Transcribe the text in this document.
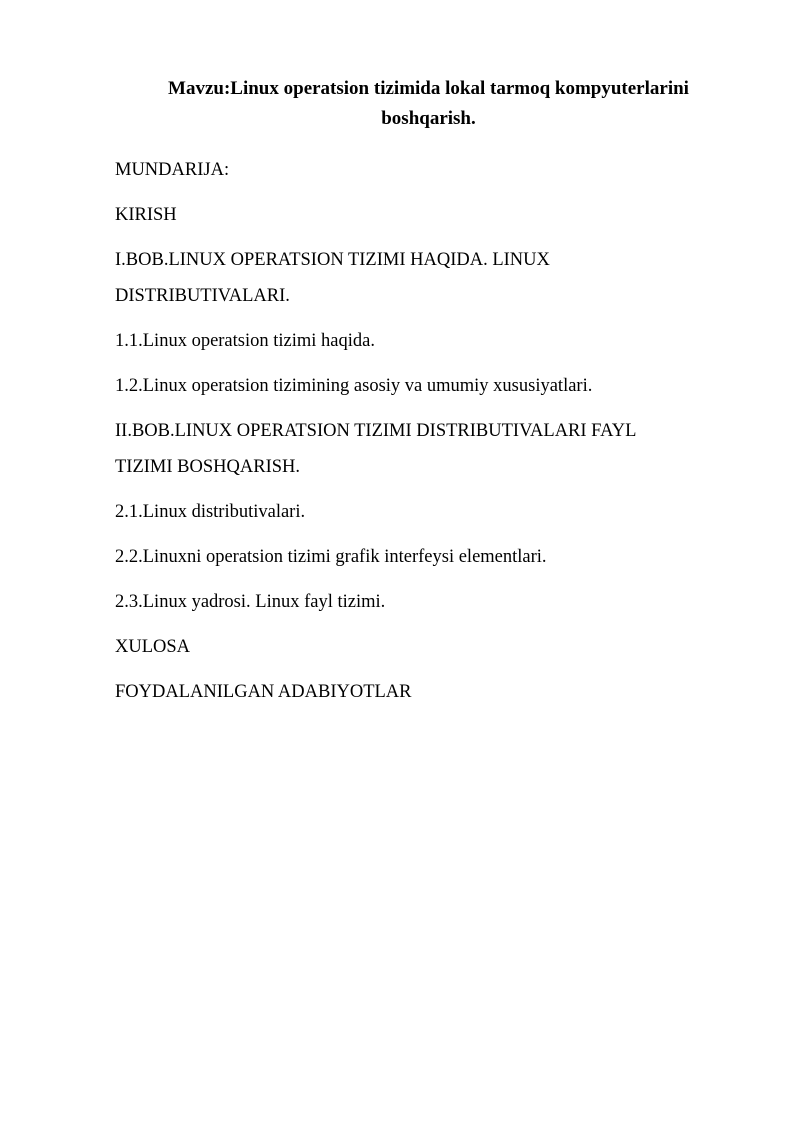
Mavzu:Linux operatsion tizimida lokal tarmoq kompyuterlarini boshqarish.

MUNDARIJA:

KIRISH

I.BOB.LINUX OPERATSION TIZIMI HAQIDA. LINUX

DISTRIBUTIVALARI.

1.1.Linux operatsion tizimi haqida.

1.2.Linux operatsion tizimining asosiy va umumiy xususiyatlari.

II.BOB.LINUX OPERATSION TIZIMI DISTRIBUTIVALARI FAYL

TIZIMI BOSHQARISH.

2.1.Linux distributivalari.

2.2.Linuxni operatsion tizimi grafik interfeysi elementlari.

2.3.Linux yadrosi. Linux fayl tizimi.

XULOSA

FOYDALANILGAN ADABIYOTLAR
